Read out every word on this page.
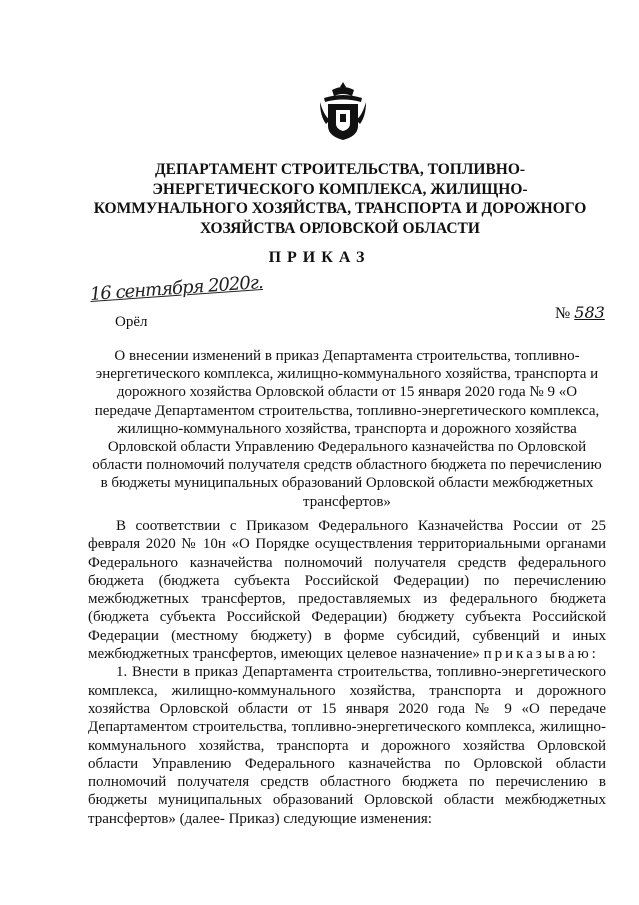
ДЕПАРТАМЕНТ СТРОИТЕЛЬСТВА, ТОПЛИВНО-ЭНЕРГЕТИЧЕСКОГО КОМПЛЕКСА, ЖИЛИЩНО-КОММУНАЛЬНОГО ХОЗЯЙСТВА, ТРАНСПОРТА И ДОРОЖНОГО ХОЗЯЙСТВА ОРЛОВСКОЙ ОБЛАСТИ
ПРИКАЗ
16 сентября 2020г.
№ 583
Орёл
О внесении изменений в приказ Департамента строительства, топливно-энергетического комплекса, жилищно-коммунального хозяйства, транспорта и дорожного хозяйства Орловской области от 15 января 2020 года № 9 «О передаче Департаментом строительства, топливно-энергетического комплекса, жилищно-коммунального хозяйства, транспорта и дорожного хозяйства Орловской области Управлению Федерального казначейства по Орловской области полномочий получателя средств областного бюджета по перечислению в бюджеты муниципальных образований Орловской области межбюджетных трансфертов»

В соответствии с Приказом Федерального Казначейства России от 25 февраля 2020 № 10н «О Порядке осуществления территориальными органами Федерального казначейства полномочий получателя средств федерального бюджета (бюджета субъекта Российской Федерации) по перечислению межбюджетных трансфертов, предоставляемых из федерального бюджета (бюджета субъекта Российской Федерации) бюджету субъекта Российской Федерации (местному бюджету) в форме субсидий, субвенций и иных межбюджетных трансфертов, имеющих целевое назначение» приказываю:

1. Внести в приказ Департамента строительства, топливно-энергетического комплекса, жилищно-коммунального хозяйства, транспорта и дорожного хозяйства Орловской области от 15 января 2020 года № 9 «О передаче Департаментом строительства, топливно-энергетического комплекса, жилищно-коммунального хозяйства, транспорта и дорожного хозяйства Орловской области Управлению Федерального казначейства по Орловской области полномочий получателя средств областного бюджета по перечислению в бюджеты муниципальных образований Орловской области межбюджетных трансфертов» (далее- Приказ) следующие изменения:
